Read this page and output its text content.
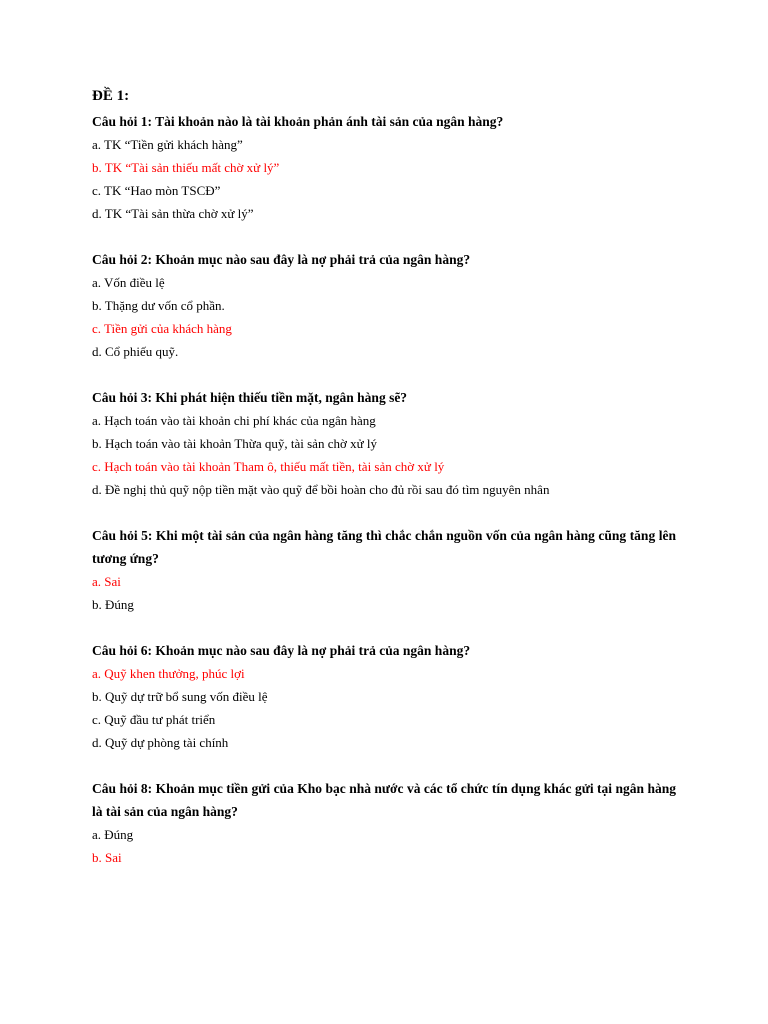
ĐỀ 1:

Câu hỏi 1: Tài khoản nào là tài khoản phản ánh tài sản của ngân hàng?

a. TK “Tiền gửi khách hàng”

b. TK “Tài sản thiếu mất chờ xử lý”

c. TK “Hao mòn TSCĐ”

d. TK “Tài sản thừa chờ xử lý”

Câu hỏi 2: Khoản mục nào sau đây là nợ phải trả của ngân hàng?

a. Vốn điều lệ

b. Thặng dư vốn cổ phần.

c. Tiền gửi của khách hàng

d. Cổ phiếu quỹ.

Câu hỏi 3: Khi phát hiện thiếu tiền mặt, ngân hàng sẽ?

a. Hạch toán vào tài khoản chi phí khác của ngân hàng

b. Hạch toán vào tài khoản Thừa quỹ, tài sản chờ xử lý

c. Hạch toán vào tài khoản Tham ô, thiếu mất tiền, tài sản chờ xử lý

d. Đề nghị thủ quỹ nộp tiền mặt vào quỹ để bồi hoàn cho đủ rồi sau đó tìm nguyên nhân

Câu hỏi 5: Khi một tài sản của ngân hàng tăng thì chắc chắn nguồn vốn của ngân hàng cũng tăng lên tương ứng?

a. Sai

b. Đúng

Câu hỏi 6: Khoản mục nào sau đây là nợ phải trả của ngân hàng?

a. Quỹ khen thưởng, phúc lợi

b. Quỹ dự trữ bổ sung vốn điều lệ

c. Quỹ đầu tư phát triển

d. Quỹ dự phòng tài chính

Câu hỏi 8: Khoản mục tiền gửi của Kho bạc nhà nước và các tổ chức tín dụng khác gửi tại ngân hàng là tài sản của ngân hàng?

a. Đúng

b. Sai
